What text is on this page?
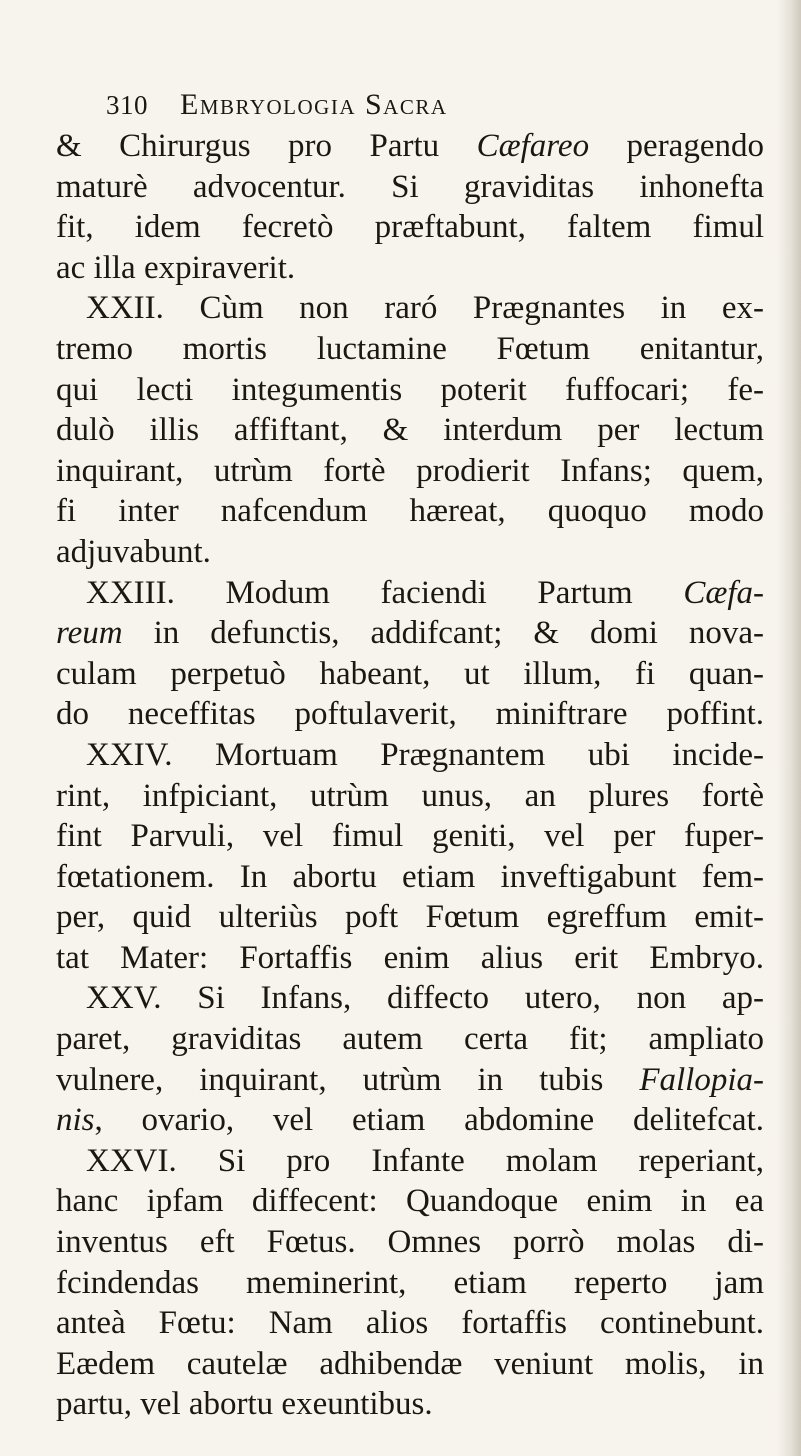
310 Embryologia Sacra
& Chirurgus pro Partu Cæfareo peragendo
maturè advocentur. Si graviditas inhonefta
fit, idem fecretò præftabunt, faltem fimul
ac illa expiraverit.
XXII. Cùm non raró Prægnantes in ex-
tremo mortis luctamine Fœtum enitantur,
qui lecti integumentis poterit fuffocari; fe-
dulò illis affiftant, & interdum per lectum
inquirant, utrùm fortè prodierit Infans; quem,
fi inter nafcendum hæreat, quoquo modo
adjuvabunt.
XXIII. Modum faciendi Partum Cæfa-
reum in defunctis, addifcant; & domi nova-
culam perpetuò habeant, ut illum, fi quan-
do neceffitas poftulaverit, miniftrare poffint.
XXIV. Mortuam Prægnantem ubi incide-
rint, infpiciant, utrùm unus, an plures fortè
fint Parvuli, vel fimul geniti, vel per fuper-
fœtationem. In abortu etiam inveftigabunt fem-
per, quid ulteriùs poft Fœtum egreffum emit-
tat Mater: Fortaffis enim alius erit Embryo.
XXV. Si Infans, diffecto utero, non ap-
paret, graviditas autem certa fit; ampliato
vulnere, inquirant, utrùm in tubis Fallopia-
nis, ovario, vel etiam abdomine delitefcat.
XXVI. Si pro Infante molam reperiant,
hanc ipfam diffecent: Quandoque enim in ea
inventus eft Fœtus. Omnes porrò molas di-
fcindendas meminerint, etiam reperto jam
anteà Fœtu: Nam alios fortaffis continebunt.
Eædem cautelæ adhibendæ veniunt molis, in
partu, vel abortu exeuntibus.
